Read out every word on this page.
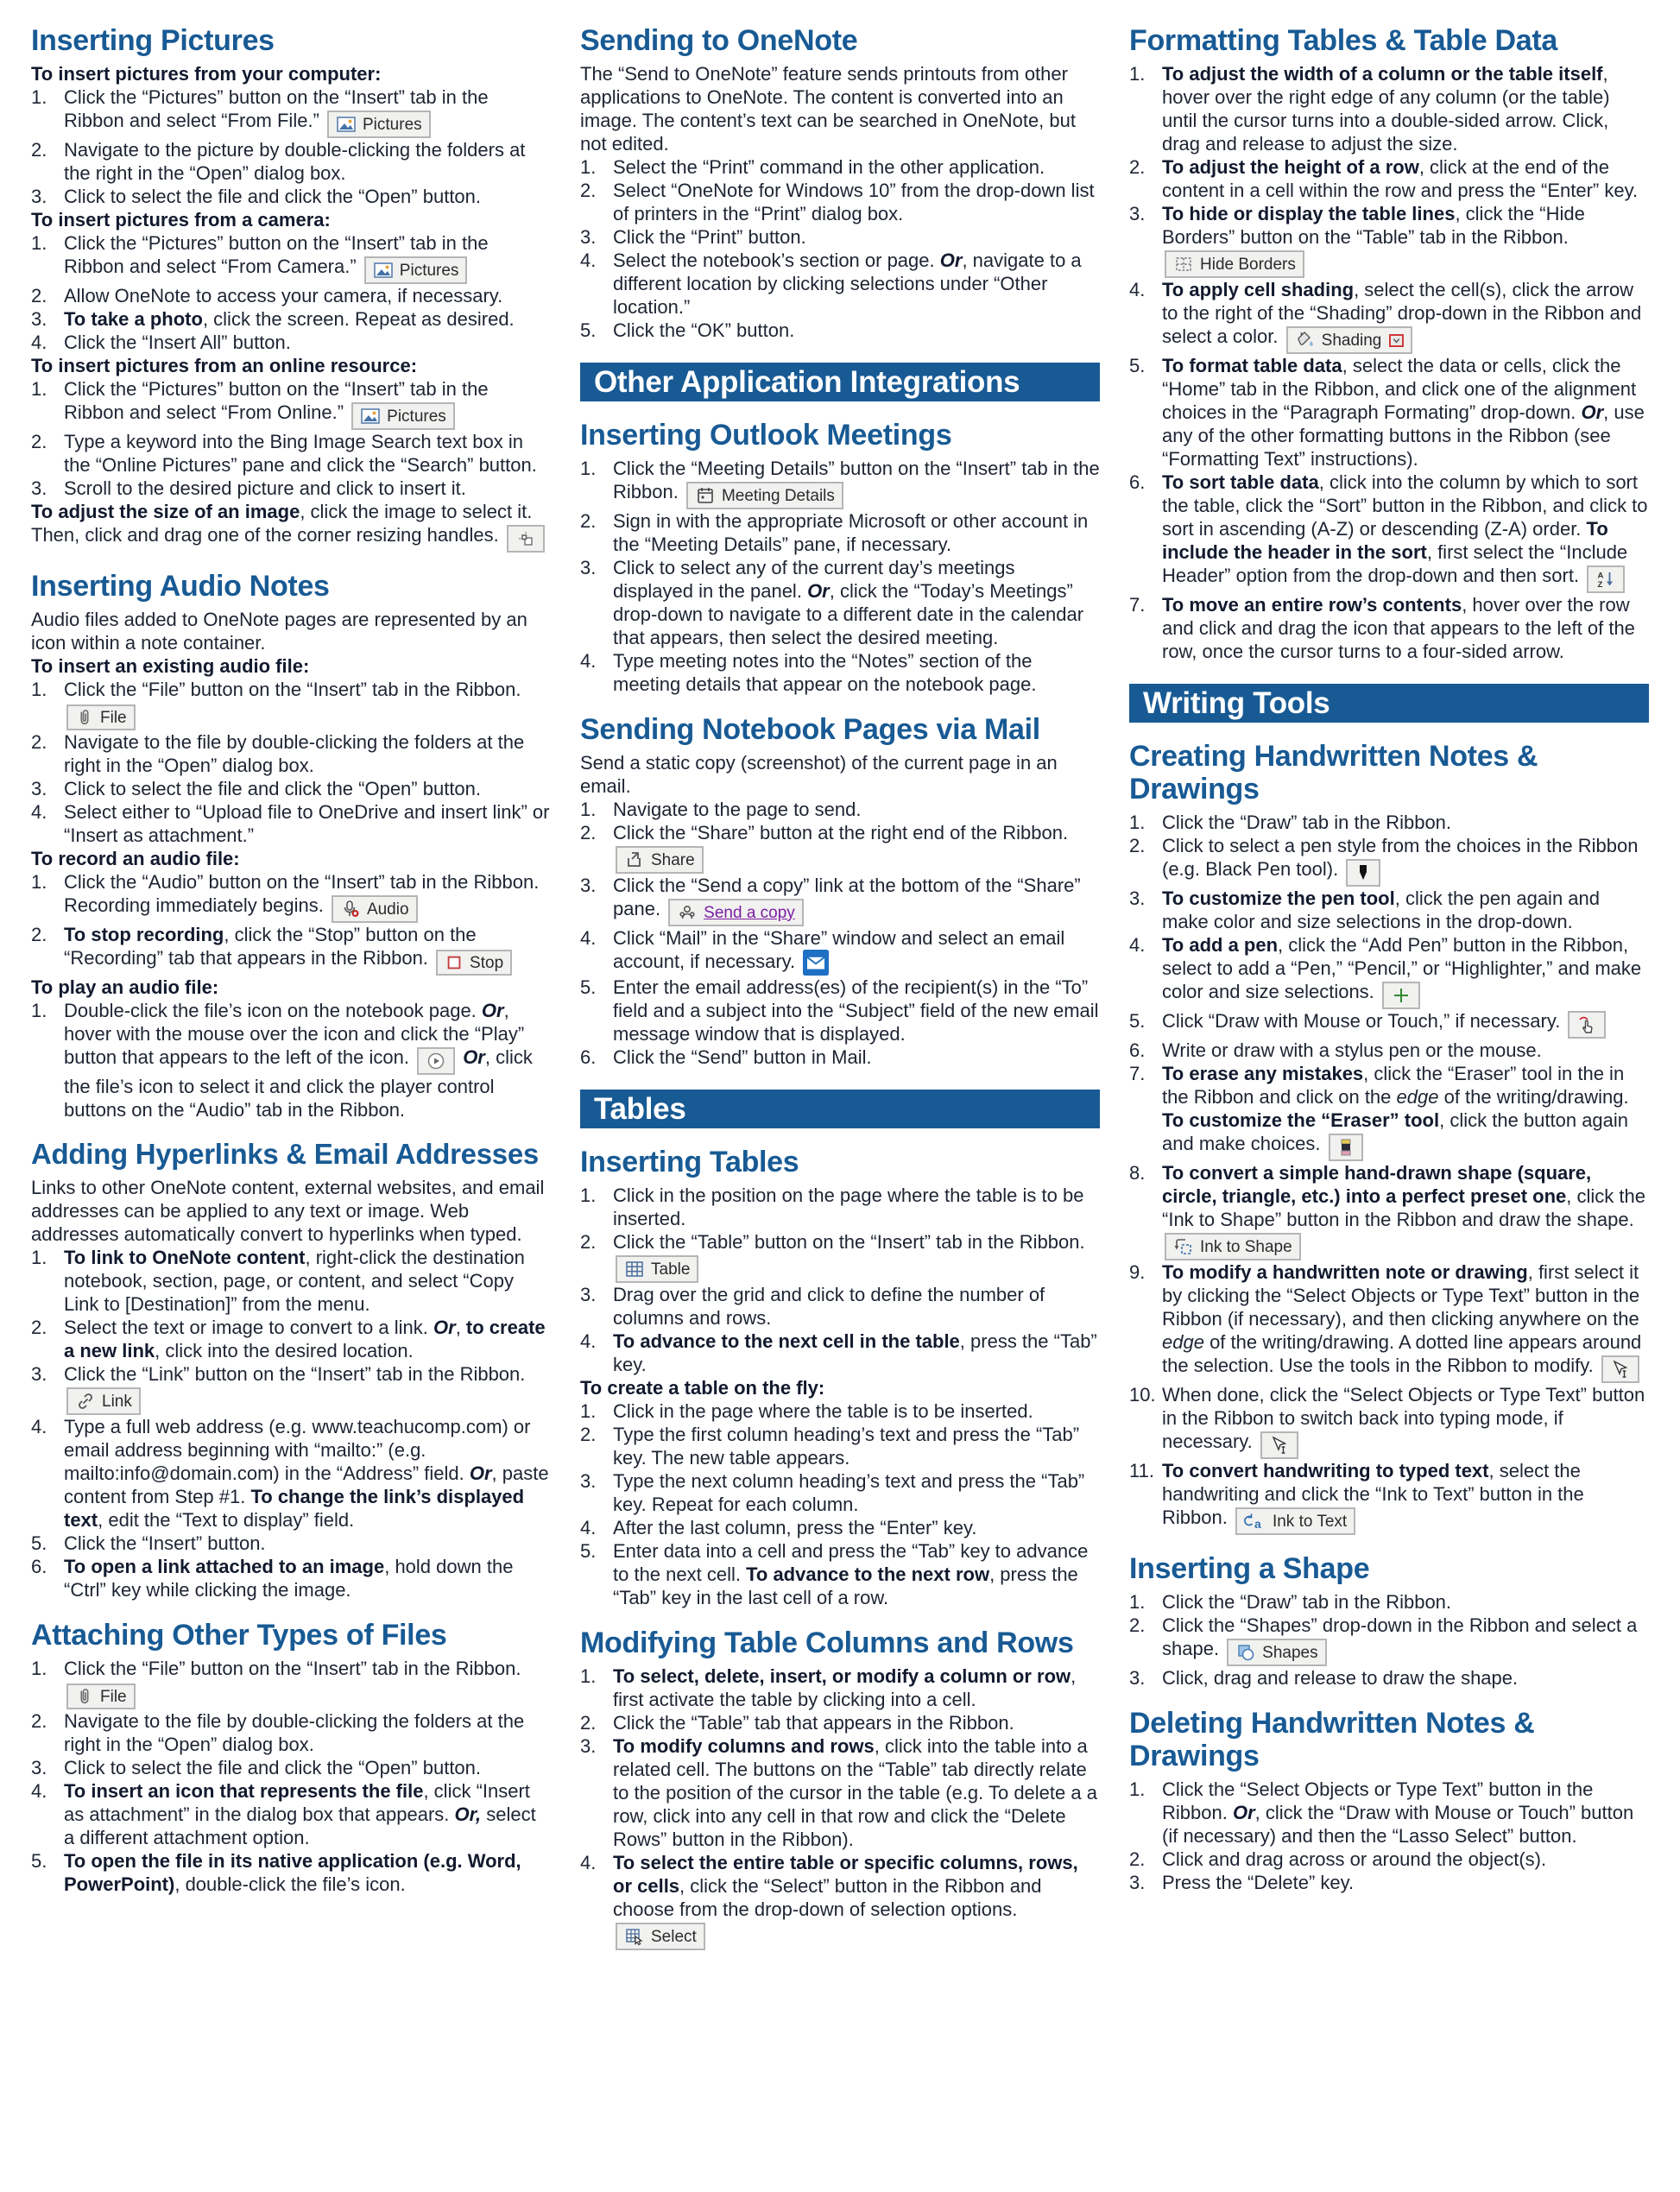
Inserting Pictures

To insert pictures from your computer:

1. Click the “Pictures” button on the “Insert” tab in the Ribbon and select “From File.” Pictures
2. Navigate to the picture by double-clicking the folders at the right in the “Open” dialog box.
3. Click to select the file and click the “Open” button.

To insert pictures from a camera:

1. Click the “Pictures” button on the “Insert” tab in the Ribbon and select “From Camera.” Pictures
2. Allow OneNote to access your camera, if necessary.
3. To take a photo, click the screen. Repeat as desired.
4. Click the “Insert All” button.

To insert pictures from an online resource:

1. Click the “Pictures” button on the “Insert” tab in the Ribbon and select “From Online.” Pictures
2. Type a keyword into the Bing Image Search text box in the “Online Pictures” pane and click the “Search” button.
3. Scroll to the desired picture and click to insert it.

To adjust the size of an image, click the image to select it. Then, click and drag one of the corner resizing handles.

Inserting Audio Notes

Audio files added to OneNote pages are represented by an icon within a note container.

To insert an existing audio file:

1. Click the “File” button on the “Insert” tab in the Ribbon.
File
2. Navigate to the file by double-clicking the folders at the right in the “Open” dialog box.
3. Click to select the file and click the “Open” button.
4. Select either to “Upload file to OneDrive and insert link” or “Insert as attachment.”

To record an audio file:

1. Click the “Audio” button on the “Insert” tab in the Ribbon. Recording immediately begins. Audio
2. To stop recording, click the “Stop” button on the “Recording” tab that appears in the Ribbon. Stop

To play an audio file:

1. Double-click the file’s icon on the notebook page. Or, hover with the mouse over the icon and click the “Play” button that appears to the left of the icon.	Or, click the file’s icon to select it and click the player control buttons on the “Audio” tab in the Ribbon.
Adding Hyperlinks & Email Addresses

Links to other OneNote content, external websites, and email addresses can be applied to any text or image. Web addresses automatically convert to hyperlinks when typed.

1. To link to OneNote content, right-click the destination notebook, section, page, or content, and select “Copy Link to [Destination]” from the menu.
2. Select the text or image to convert to a link. Or, to create a new link, click into the desired location.
3. Click the “Link” button on the “Insert” tab in the Ribbon.
Link
4. Type a full web address (e.g. www.teachucomp.com) or email address beginning with “mailto:” (e.g. mailto:info@domain.com) in the “Address” field. Or, paste content from Step #1. To change the link’s displayed text, edit the “Text to display” field.
5. Click the “Insert” button.
6. To open a link attached to an image, hold down the “Ctrl” key while clicking the image.
Attaching Other Types of Files
1. Click the “File” button on the “Insert” tab in the Ribbon.
File
2. Navigate to the file by double-clicking the folders at the right in the “Open” dialog box.
3. Click to select the file and click the “Open” button.
4. To insert an icon that represents the file, click “Insert as attachment” in the dialog box that appears. Or, select a different attachment option.
5. To open the file in its native application (e.g. Word, PowerPoint), double-click the file’s icon.
Sending to OneNote

The “Send to OneNote” feature sends printouts from other applications to OneNote. The content is converted into an image. The content’s text can be searched in OneNote, but not edited.

1. Select the “Print” command in the other application.
2. Select “OneNote for Windows 10” from the drop-down list of printers in the “Print” dialog box.
3. Click the “Print” button.
4. Select the notebook’s section or page. Or, navigate to a different location by clicking selections under “Other location.”
5. Click the “OK” button.
Other Application Integrations
Inserting Outlook Meetings
1. Click the “Meeting Details” button on the “Insert” tab in the Ribbon. Meeting Details
2. Sign in with the appropriate Microsoft or other account in the “Meeting Details” pane, if necessary.
3. Click to select any of the current day’s meetings displayed in the panel. Or, click the “Today’s Meetings” drop-down to navigate to a different date in the calendar that appears, then select the desired meeting.
4. Type meeting notes into the “Notes” section of the meeting details that appear on the notebook page.
Sending Notebook Pages via Mail

Send a static copy (screenshot) of the current page in an email.

1. Navigate to the page to send.
2. Click the “Share” button at the right end of the Ribbon.
Share
3. Click the “Send a copy” link at the bottom of the “Share” pane. Send a copy
4. Click “Mail” in the “Share” window and select an email account, if necessary.
5. Enter the email address(es) of the recipient(s) in the “To” field and a subject into the “Subject” field of the new email message window that is displayed.
6. Click the “Send” button in Mail.
Tables
Inserting Tables
1. Click in the position on the page where the table is to be inserted.
2. Click the “Table” button on the “Insert” tab in the Ribbon.
Table
3. Drag over the grid and click to define the number of columns and rows.
4. To advance to the next cell in the table, press the “Tab” key.

To create a table on the fly:

1. Click in the page where the table is to be inserted.
2. Type the first column heading’s text and press the “Tab” key. The new table appears.
3. Type the next column heading’s text and press the “Tab” key. Repeat for each column.
4. After the last column, press the “Enter” key.
5. Enter data into a cell and press the “Tab” key to advance to the next cell. To advance to the next row, press the “Tab” key in the last cell of a row.
Modifying Table Columns and Rows
1. To select, delete, insert, or modify a column or row, first activate the table by clicking into a cell.
2. Click the “Table” tab that appears in the Ribbon.
3. To modify columns and rows, click into the table into a related cell. The buttons on the “Table” tab directly relate to the position of the cursor in the table (e.g. To delete a a row, click into any cell in that row and click the “Delete Rows” button in the Ribbon).
4. To select the entire table or specific columns, rows, or cells, click the “Select” button in the Ribbon and choose from the drop-down of selection options.
Select
Formatting Tables & Table Data
1. To adjust the width of a column or the table itself, hover over the right edge of any column (or the table) until the cursor turns into a double-sided arrow. Click, drag and release to adjust the size.
2. To adjust the height of a row, click at the end of the content in a cell within the row and press the “Enter” key.
3. To hide or display the table lines, click the “Hide Borders” button on the “Table” tab in the Ribbon.
Hide Borders
4. To apply cell shading, select the cell(s), click the arrow to the right of the “Shading” drop-down in the Ribbon and select a color. Shading
5. To format table data, select the data or cells, click the “Home” tab in the Ribbon, and click one of the alignment choices in the “Paragraph Formating” drop-down. Or, use any of the other formatting buttons in the Ribbon (see “Formatting Text” instructions).
6. To sort table data, click into the column by which to sort the table, click the “Sort” button in the Ribbon, and click to sort in ascending (A-Z) or descending (Z-A) order. To include the header in the sort, first select the “Include Header” option from the drop-down and then sort. A
Z
7. To move an entire row’s contents, hover over the row and click and drag the icon that appears to the left of the row, once the cursor turns to a four-sided arrow.
Writing Tools
Creating Handwritten Notes & Drawings
1. Click the “Draw” tab in the Ribbon.
2. Click to select a pen style from the choices in the Ribbon (e.g. Black Pen tool).
3. To customize the pen tool, click the pen again and make color and size selections in the drop-down.
4. To add a pen, click the “Add Pen” button in the Ribbon, select to add a “Pen,” “Pencil,” or “Highlighter,” and make color and size selections.
5. Click “Draw with Mouse or Touch,” if necessary.
6. Write or draw with a stylus pen or the mouse.
7. To erase any mistakes, click the “Eraser” tool in the in the Ribbon and click on the edge of the writing/drawing. To customize the “Eraser” tool, click the button again and make choices.
8. To convert a simple hand-drawn shape (square, circle, triangle, etc.) into a perfect preset one, click the “Ink to Shape” button in the Ribbon and draw the shape.
Ink to Shape
9. To modify a handwritten note or drawing, first select it by clicking the “Select Objects or Type Text” button in the Ribbon (if necessary), and then clicking anywhere on the edge of the writing/drawing. A dotted line appears around the selection. Use the tools in the Ribbon to modify.
10. When done, click the “Select Objects or Type Text” button in the Ribbon to switch back into typing mode, if necessary.
11. To convert handwriting to typed text, select the handwriting and click the “Ink to Text” button in the Ribbon. a Ink to Text
Inserting a Shape
1. Click the “Draw” tab in the Ribbon.
2. Click the “Shapes” drop-down in the Ribbon and select a shape. Shapes
3. Click, drag and release to draw the shape.
Deleting Handwritten Notes & Drawings
1. Click the “Select Objects or Type Text” button in the Ribbon. Or, click the “Draw with Mouse or Touch” button (if necessary) and then the “Lasso Select” button.
2. Click and drag across or around the object(s).
3. Press the “Delete” key.
